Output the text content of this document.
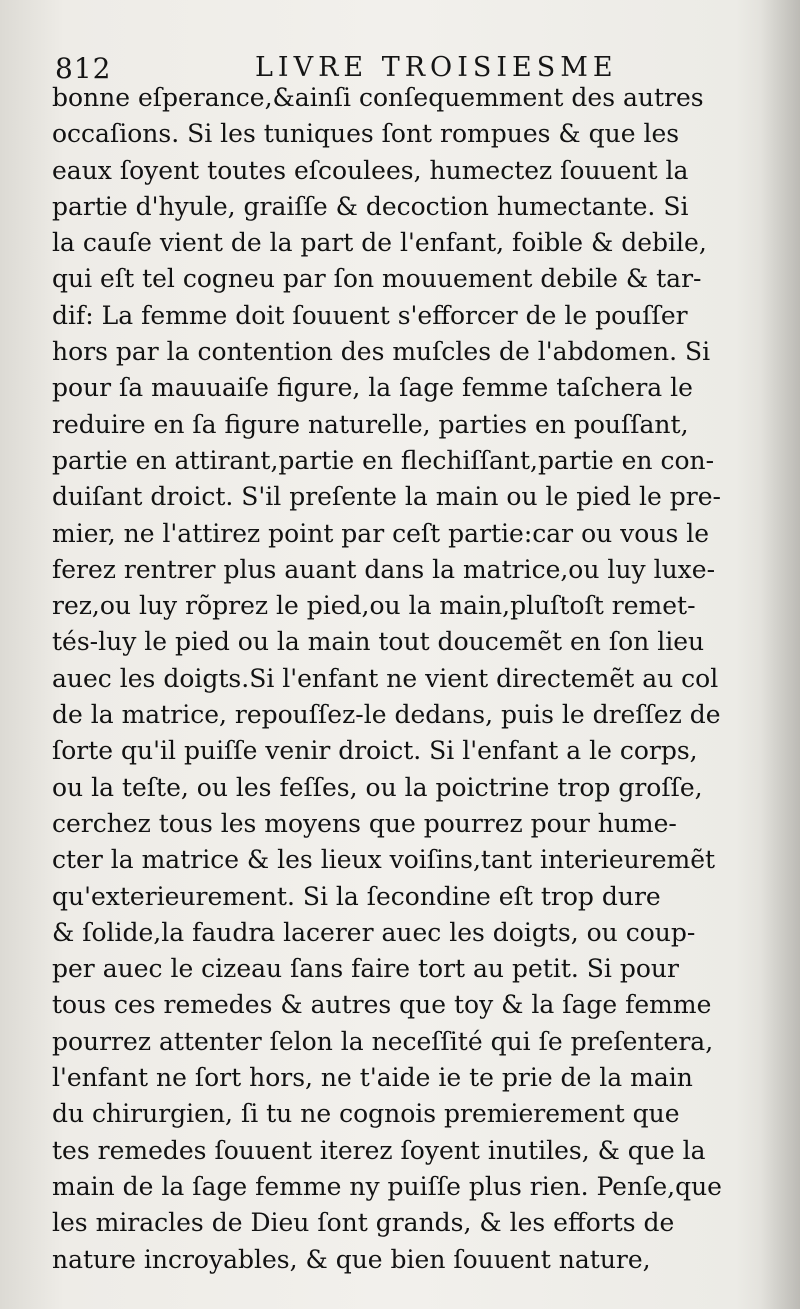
812	LIVRE TROISIESME
bonne eſperance,&ainſi conſequemment des autres
occaſions. Si les tuniques ſont rompues & que les
eaux ſoyent toutes eſcoulees, humectez ſouuent la
partie d'hyule, graiſſe & decoction humectante. Si
la cauſe vient de la part de l'enfant, foible & debile,
qui eſt tel cogneu par ſon mouuement debile & tar-
dif: La femme doit ſouuent s'efforcer de le pouſſer
hors par la contention des muſcles de l'abdomen. Si
pour ſa mauuaiſe figure, la ſage femme taſchera le
reduire en ſa figure naturelle, parties en pouſſant,
partie en attirant,partie en flechiſſant,partie en con-
duiſant droict. S'il preſente la main ou le pied le pre-
mier, ne l'attirez point par ceſt partie:car ou vous le
ferez rentrer plus auant dans la matrice,ou luy luxe-
rez,ou luy rõprez le pied,ou la main,pluſtoſt remet-
tés-luy le pied ou la main tout doucemẽt en ſon lieu
auec les doigts.Si l'enfant ne vient directemẽt au col
de la matrice, repouſſez-le dedans, puis le dreſſez de
ſorte qu'il puiſſe venir droict. Si l'enfant a le corps,
ou la teſte, ou les feſſes, ou la poictrine trop groſſe,
cerchez tous les moyens que pourrez pour hume-
cter la matrice & les lieux voiſins,tant interieuremẽt
qu'exterieurement. Si la ſecondine eſt trop dure
& ſolide,la faudra lacerer auec les doigts, ou coup-
per auec le cizeau ſans faire tort au petit. Si pour
tous ces remedes & autres que toy & la ſage femme
pourrez attenter ſelon la neceſſité qui ſe preſentera,
l'enfant ne ſort hors, ne t'aide ie te prie de la main
du chirurgien, ſi tu ne cognois premierement que
tes remedes ſouuent iterez ſoyent inutiles, & que la
main de la ſage femme ny puiſſe plus rien. Penſe,que
les miracles de Dieu ſont grands, & les efforts de
nature incroyables, & que bien ſouuent nature,
